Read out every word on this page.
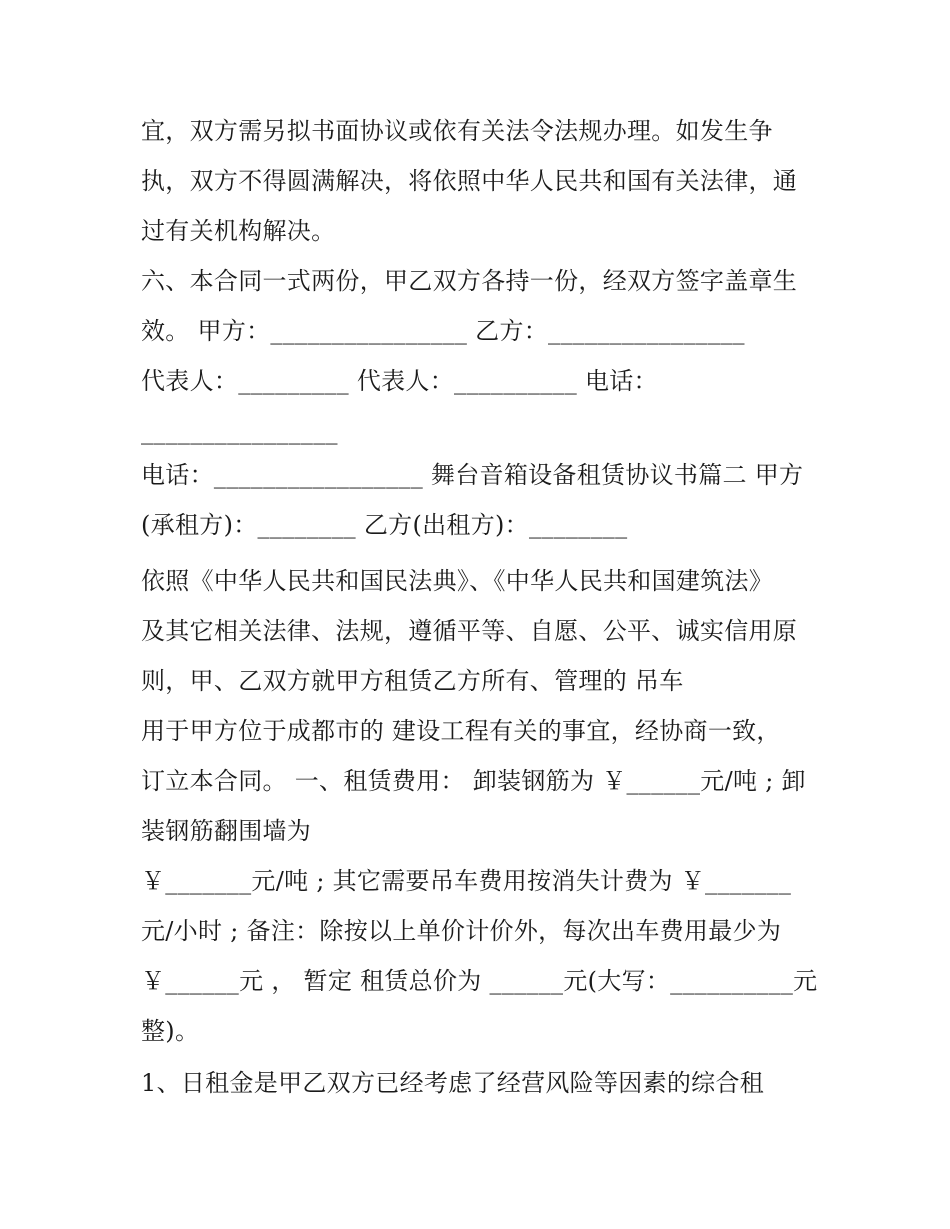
宜，双方需另拟书面协议或依有关法令法规办理。如发生争
执，双方不得圆满解决，将依照中华人民共和国有关法律，通
过有关机构解决。
六、本合同一式两份，甲乙双方各持一份，经双方签字盖章生
效。 甲方：________________ 乙方：________________
代表人：_________ 代表人：__________ 电话：
________________
电话：_________________ 舞台音箱设备租赁协议书篇二 甲方
(承租方)：________ 乙方(出租方)：________
依照《中华人民共和国民法典》、《中华人民共和国建筑法》
及其它相关法律、法规，遵循平等、自愿、公平、诚实信用原
则，甲、乙双方就甲方租赁乙方所有、管理的 吊车
用于甲方位于成都市的 建设工程有关的事宜，经协商一致，
订立本合同。 一、租赁费用： 卸装钢筋为 ￥______元/吨 ; 卸
装钢筋翻围墙为
￥_______元/吨 ; 其它需要吊车费用按消失计费为 ￥_______
元/小时 ; 备注：除按以上单价计价外，每次出车费用最少为
￥______元 ， 暂定 租赁总价为 ______元(大写：__________元
整)。
1、日租金是甲乙双方已经考虑了经营风险等因素的综合租
